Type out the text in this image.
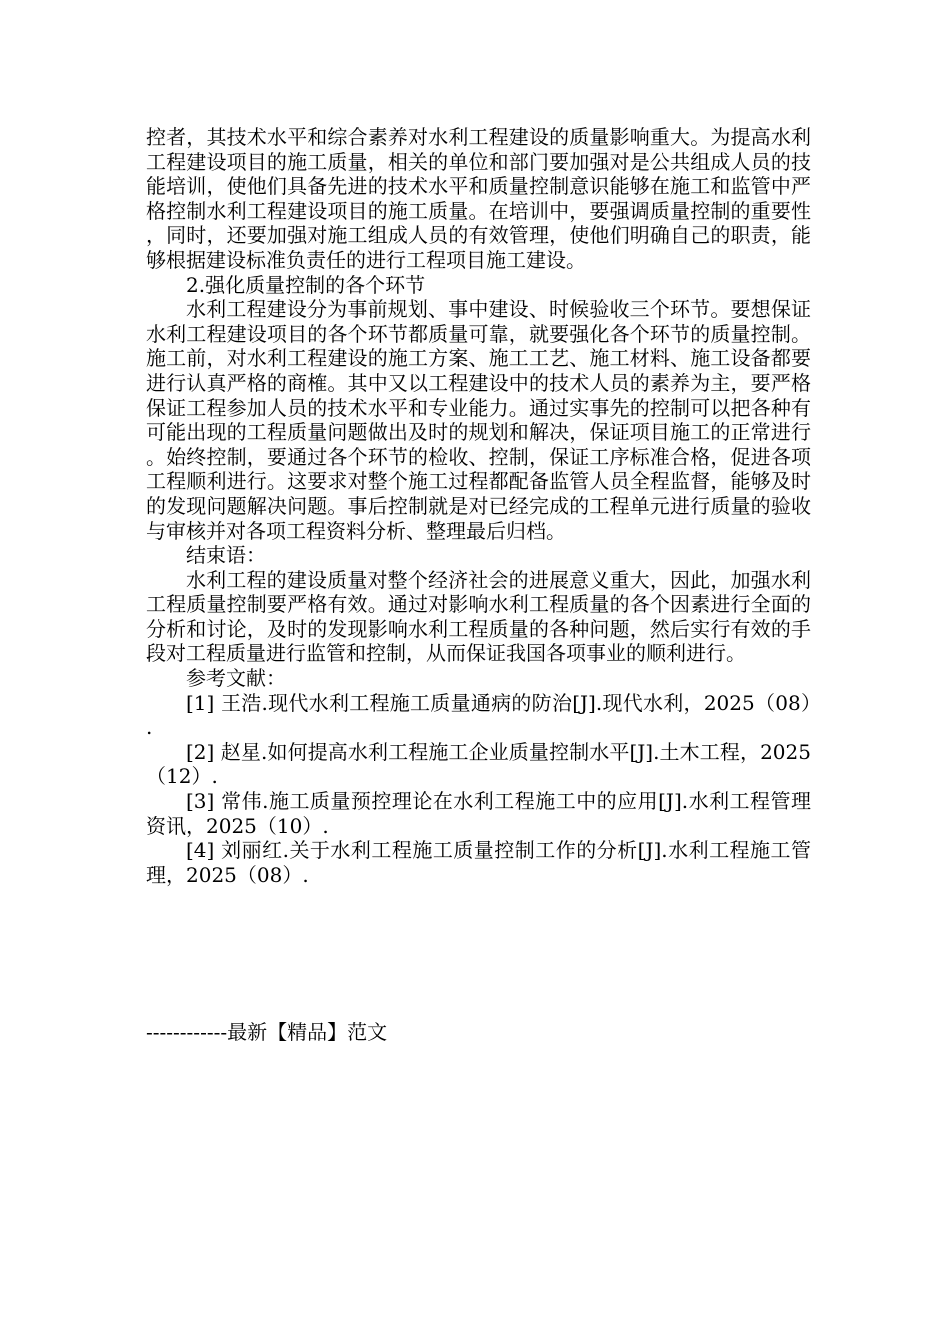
控者，其技术水平和综合素养对水利工程建设的质量影响重大。为提高水利工程建设项目的施工质量，相关的单位和部门要加强对是公共组成人员的技能培训，使他们具备先进的技术水平和质量控制意识能够在施工和监管中严格控制水利工程建设项目的施工质量。在培训中，要强调质量控制的重要性，同时，还要加强对施工组成人员的有效管理，使他们明确自己的职责，能够根据建设标准负责任的进行工程项目施工建设。

2.强化质量控制的各个环节

水利工程建设分为事前规划、事中建设、时候验收三个环节。要想保证水利工程建设项目的各个环节都质量可靠，就要强化各个环节的质量控制。施工前，对水利工程建设的施工方案、施工工艺、施工材料、施工设备都要进行认真严格的商榷。其中又以工程建设中的技术人员的素养为主，要严格保证工程参加人员的技术水平和专业能力。通过实事先的控制可以把各种有可能出现的工程质量问题做出及时的规划和解决，保证项目施工的正常进行。始终控制，要通过各个环节的检收、控制，保证工序标准合格，促进各项工程顺利进行。这要求对整个施工过程都配备监管人员全程监督，能够及时的发现问题解决问题。事后控制就是对已经完成的工程单元进行质量的验收与审核并对各项工程资料分析、整理最后归档。

结束语：

水利工程的建设质量对整个经济社会的进展意义重大，因此，加强水利工程质量控制要严格有效。通过对影响水利工程质量的各个因素进行全面的分析和讨论，及时的发现影响水利工程质量的各种问题，然后实行有效的手段对工程质量进行监管和控制，从而保证我国各项事业的顺利进行。

参考文献：

[1] 王浩.现代水利工程施工质量通病的防治[J].现代水利，2025（08）.

[2] 赵星.如何提高水利工程施工企业质量控制水平[J].土木工程，2025（12）.

[3] 常伟.施工质量预控理论在水利工程施工中的应用[J].水利工程管理资讯，2025（10）.

[4] 刘丽红.关于水利工程施工质量控制工作的分析[J].水利工程施工管理，2025（08）.

------------最新【精品】范文
